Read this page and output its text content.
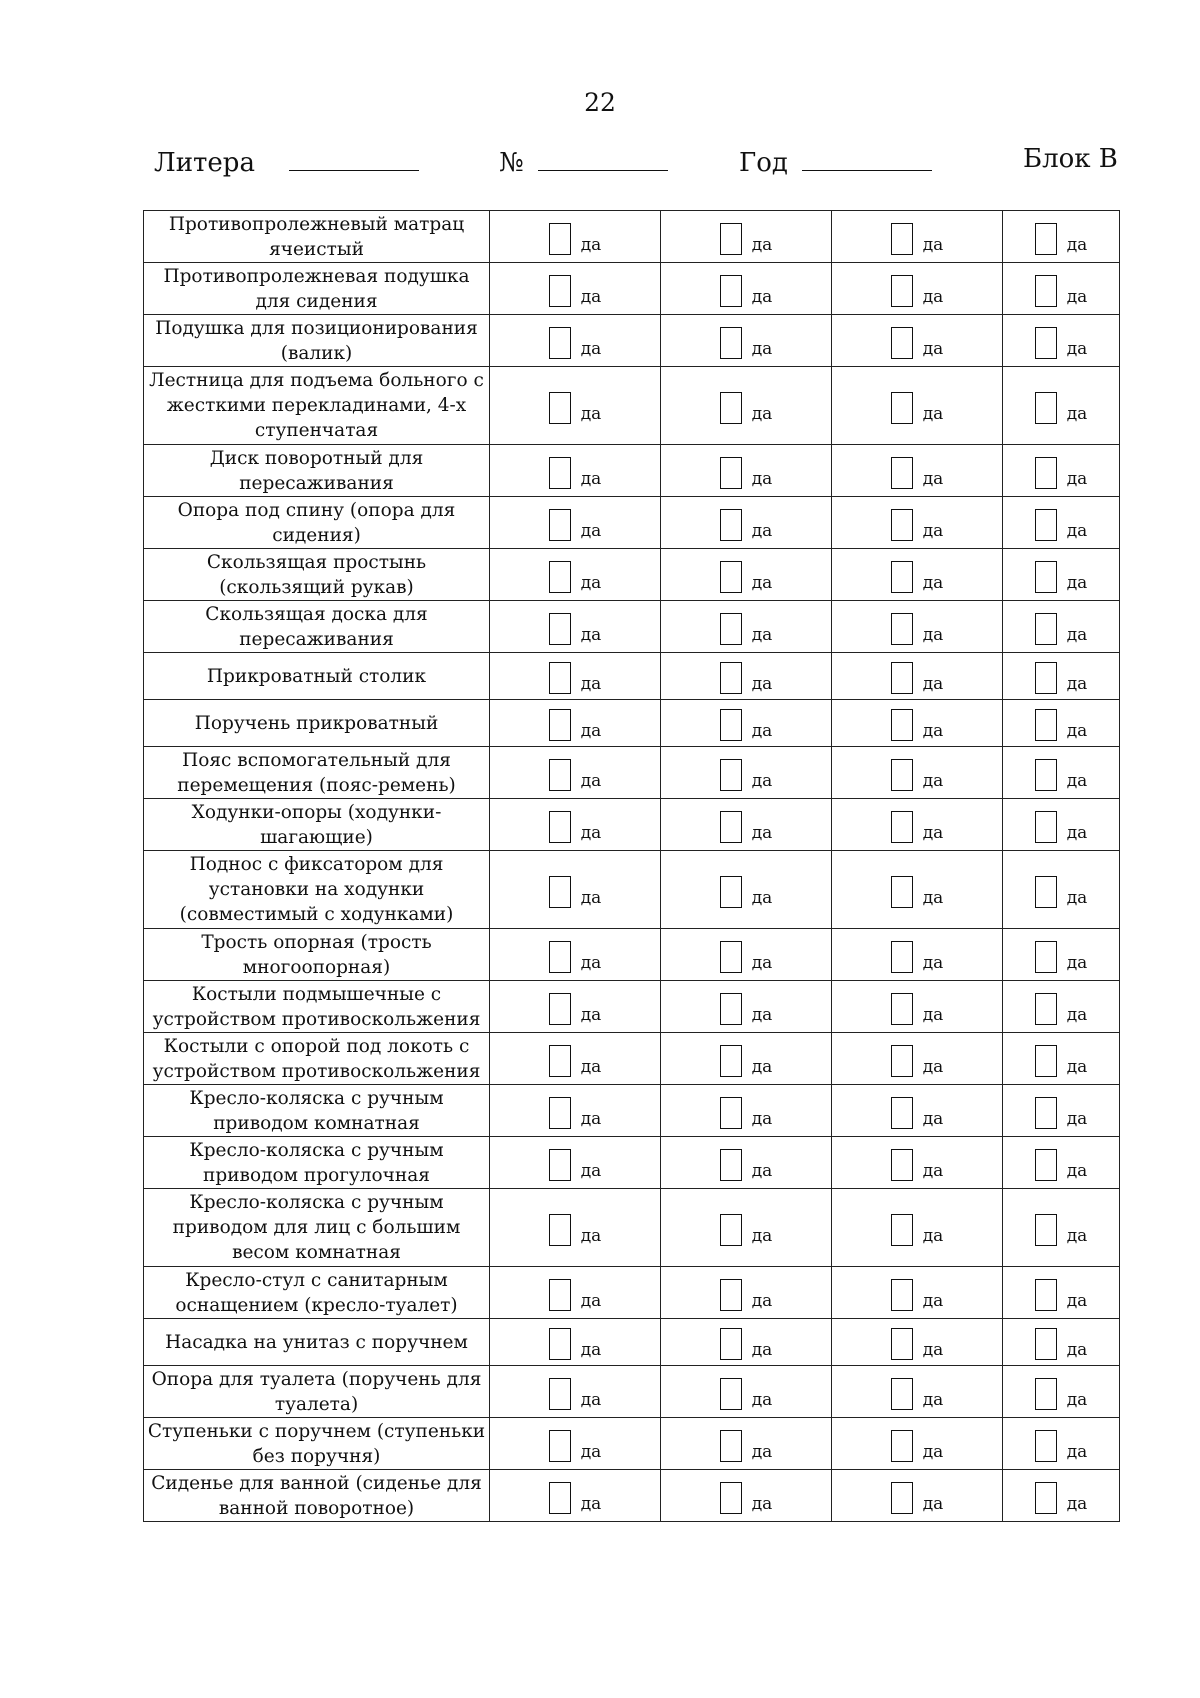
22
Литера	№	Год	Блок В
Противопролежневый матрац ячеистый	да	да	да	да

Противопролежневая подушка для сидения	да	да	да	да

Подушка для позиционирования (валик)	да	да	да	да

Лестница для подъема больного с жесткими перекладинами, 4-х ступенчатая	да	да	да	да

Диск поворотный для пересаживания	да	да	да	да

Опора под спину (опора для сидения)	да	да	да	да

Скользящая простынь (скользящий рукав)	да	да	да	да

Скользящая доска для пересаживания	да	да	да	да

Прикроватный столик	да	да	да	да

Поручень прикроватный	да	да	да	да

Пояс вспомогательный для перемещения (пояс-ремень)	да	да	да	да

Ходунки-опоры (ходунки-шагающие)	да	да	да	да

Поднос с фиксатором для установки на ходунки (совместимый с ходунками)	да	да	да	да

Трость опорная (трость многоопорная)	да	да	да	да

Костыли подмышечные с устройством противоскольжения	да	да	да	да

Костыли с опорой под локоть с устройством противоскольжения	да	да	да	да

Кресло-коляска с ручным приводом комнатная	да	да	да	да

Кресло-коляска с ручным приводом прогулочная	да	да	да	да

Кресло-коляска с ручным приводом для лиц с большим весом комнатная	да	да	да	да

Кресло-стул с санитарным оснащением (кресло-туалет)	да	да	да	да

Насадка на унитаз с поручнем	да	да	да	да

Опора для туалета (поручень для туалета)	да	да	да	да

Ступеньки с поручнем (ступеньки без поручня)	да	да	да	да

Сиденье для ванной (сиденье для ванной поворотное)	да	да	да	да
